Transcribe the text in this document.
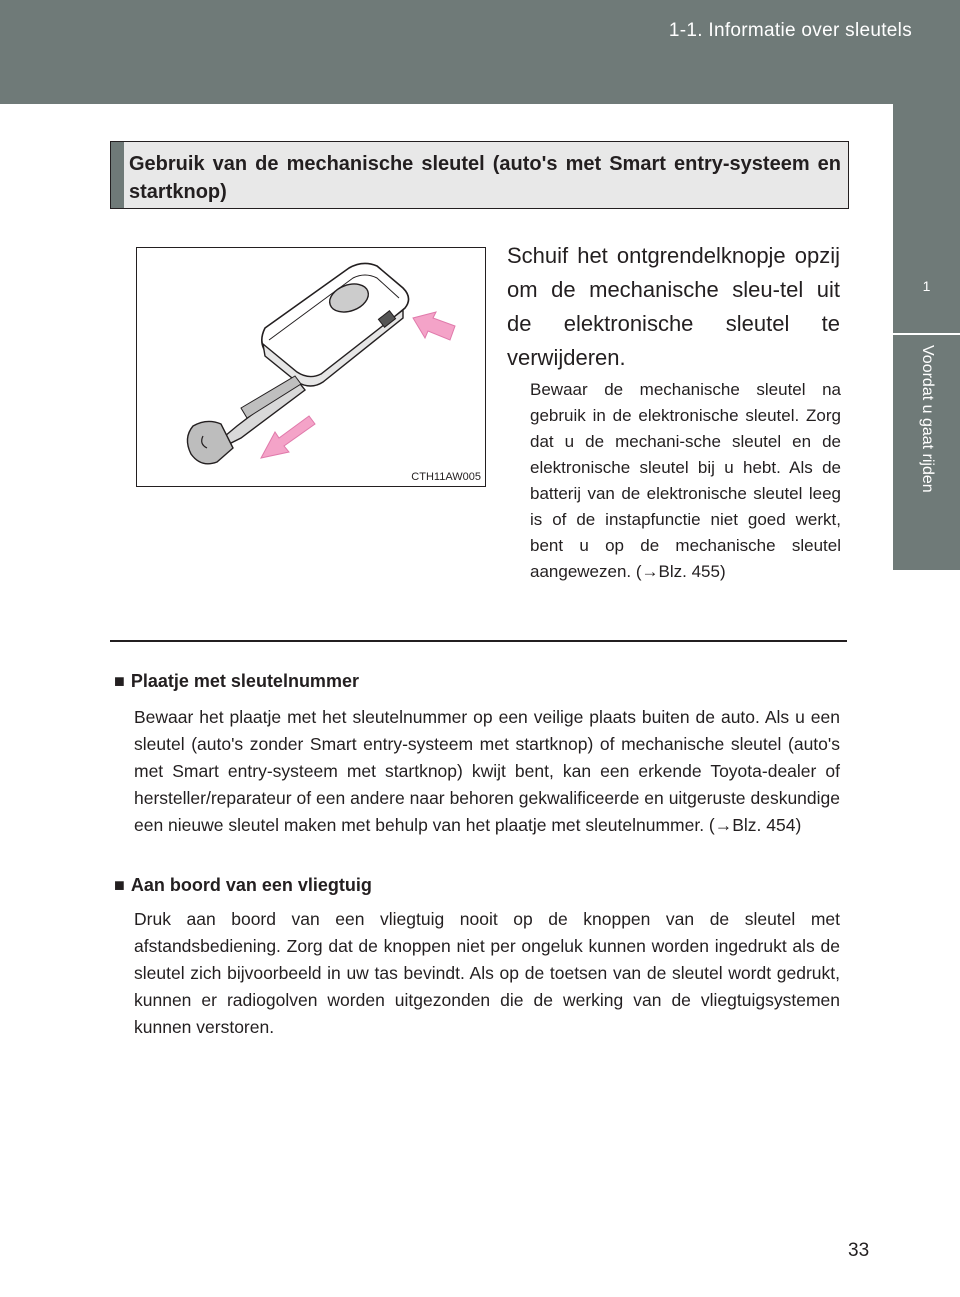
1-1. Informatie over sleutels
1
Voordat u gaat rijden
Gebruik van de mechanische sleutel (auto's met Smart entry-systeem en startknop)
CTH11AW005
Schuif het ontgrendelknopje opzij om de mechanische sleu-tel uit de elektronische sleutel te verwijderen.
Bewaar de mechanische sleutel na gebruik in de elektronische sleutel. Zorg dat u de mechani-sche sleutel en de elektronische sleutel bij u hebt. Als de batterij van de elektronische sleutel leeg is of de instapfunctie niet goed werkt, bent u op de mechanische sleutel aangewezen. (→Blz. 455)
■ Plaatje met sleutelnummer
Bewaar het plaatje met het sleutelnummer op een veilige plaats buiten de auto. Als u een sleutel (auto's zonder Smart entry-systeem met startknop) of mechanische sleutel (auto's met Smart entry-systeem met startknop) kwijt bent, kan een erkende Toyota-dealer of hersteller/reparateur of een andere naar behoren gekwalificeerde en uitgeruste deskundige een nieuwe sleutel maken met behulp van het plaatje met sleutelnummer. (→Blz. 454)
■ Aan boord van een vliegtuig
Druk aan boord van een vliegtuig nooit op de knoppen van de sleutel met afstandsbediening. Zorg dat de knoppen niet per ongeluk kunnen worden ingedrukt als de sleutel zich bijvoorbeeld in uw tas bevindt. Als op de toetsen van de sleutel wordt gedrukt, kunnen er radiogolven worden uitgezonden die de werking van de vliegtuigsystemen kunnen verstoren.
33
